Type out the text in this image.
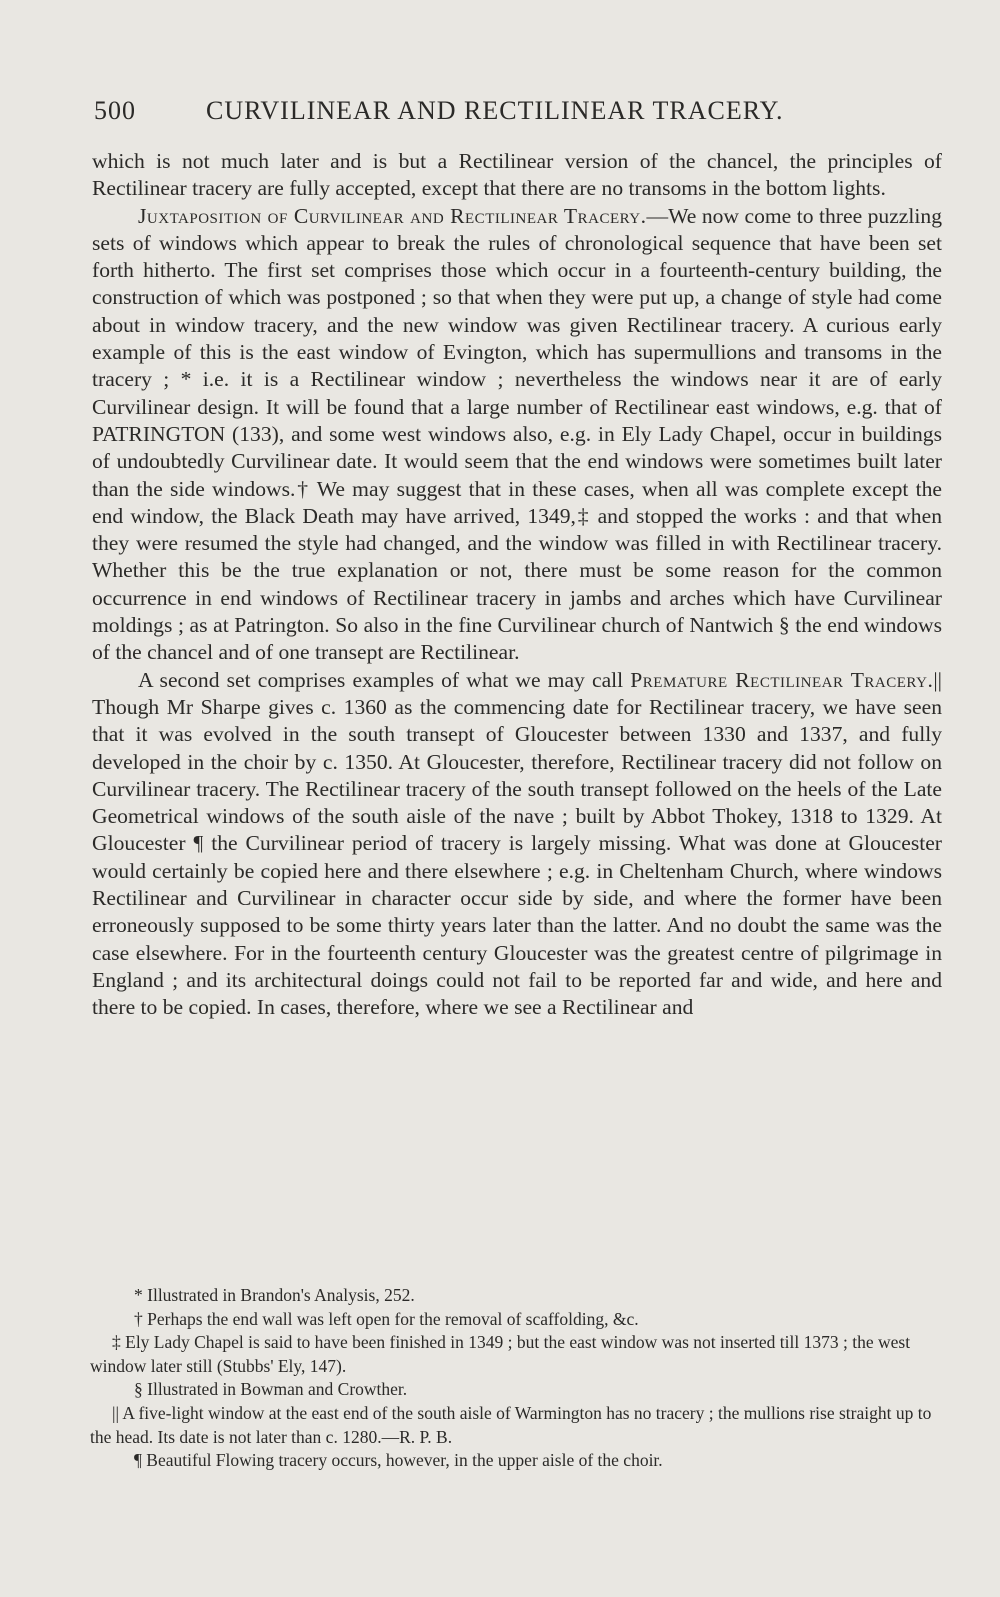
500	CURVILINEAR AND RECTILINEAR TRACERY.

which is not much later and is but a Rectilinear version of the chancel, the principles of Rectilinear tracery are fully accepted, except that there are no transoms in the bottom lights.

Juxtaposition of Curvilinear and Rectilinear Tracery.—We now come to three puzzling sets of windows which appear to break the rules of chronological sequence that have been set forth hitherto. The first set comprises those which occur in a fourteenth-century building, the construction of which was postponed ; so that when they were put up, a change of style had come about in window tracery, and the new window was given Rectilinear tracery. A curious early example of this is the east window of Evington, which has supermullions and transoms in the tracery ; * i.e. it is a Rectilinear window ; nevertheless the windows near it are of early Curvilinear design. It will be found that a large number of Rectilinear east windows, e.g. that of PATRINGTON (133), and some west windows also, e.g. in Ely Lady Chapel, occur in buildings of undoubtedly Curvilinear date. It would seem that the end windows were sometimes built later than the side windows.† We may suggest that in these cases, when all was complete except the end window, the Black Death may have arrived, 1349,‡ and stopped the works : and that when they were resumed the style had changed, and the window was filled in with Rectilinear tracery. Whether this be the true explanation or not, there must be some reason for the common occurrence in end windows of Rectilinear tracery in jambs and arches which have Curvilinear moldings ; as at Patrington. So also in the fine Curvilinear church of Nantwich § the end windows of the chancel and of one transept are Rectilinear.

A second set comprises examples of what we may call Premature Rectilinear Tracery.|| Though Mr Sharpe gives c. 1360 as the commencing date for Rectilinear tracery, we have seen that it was evolved in the south transept of Gloucester between 1330 and 1337, and fully developed in the choir by c. 1350. At Gloucester, therefore, Rectilinear tracery did not follow on Curvilinear tracery. The Rectilinear tracery of the south transept followed on the heels of the Late Geometrical windows of the south aisle of the nave ; built by Abbot Thokey, 1318 to 1329. At Gloucester ¶ the Curvilinear period of tracery is largely missing. What was done at Gloucester would certainly be copied here and there elsewhere ; e.g. in Cheltenham Church, where windows Rectilinear and Curvilinear in character occur side by side, and where the former have been erroneously supposed to be some thirty years later than the latter. And no doubt the same was the case elsewhere. For in the fourteenth century Gloucester was the greatest centre of pilgrimage in England ; and its architectural doings could not fail to be reported far and wide, and here and there to be copied. In cases, therefore, where we see a Rectilinear and

* Illustrated in Brandon's Analysis, 252.

† Perhaps the end wall was left open for the removal of scaffolding, &c.

‡ Ely Lady Chapel is said to have been finished in 1349 ; but the east window was not inserted till 1373 ; the west window later still (Stubbs' Ely, 147).

§ Illustrated in Bowman and Crowther.

|| A five-light window at the east end of the south aisle of Warmington has no tracery ; the mullions rise straight up to the head. Its date is not later than c. 1280.—R. P. B.

¶ Beautiful Flowing tracery occurs, however, in the upper aisle of the choir.
